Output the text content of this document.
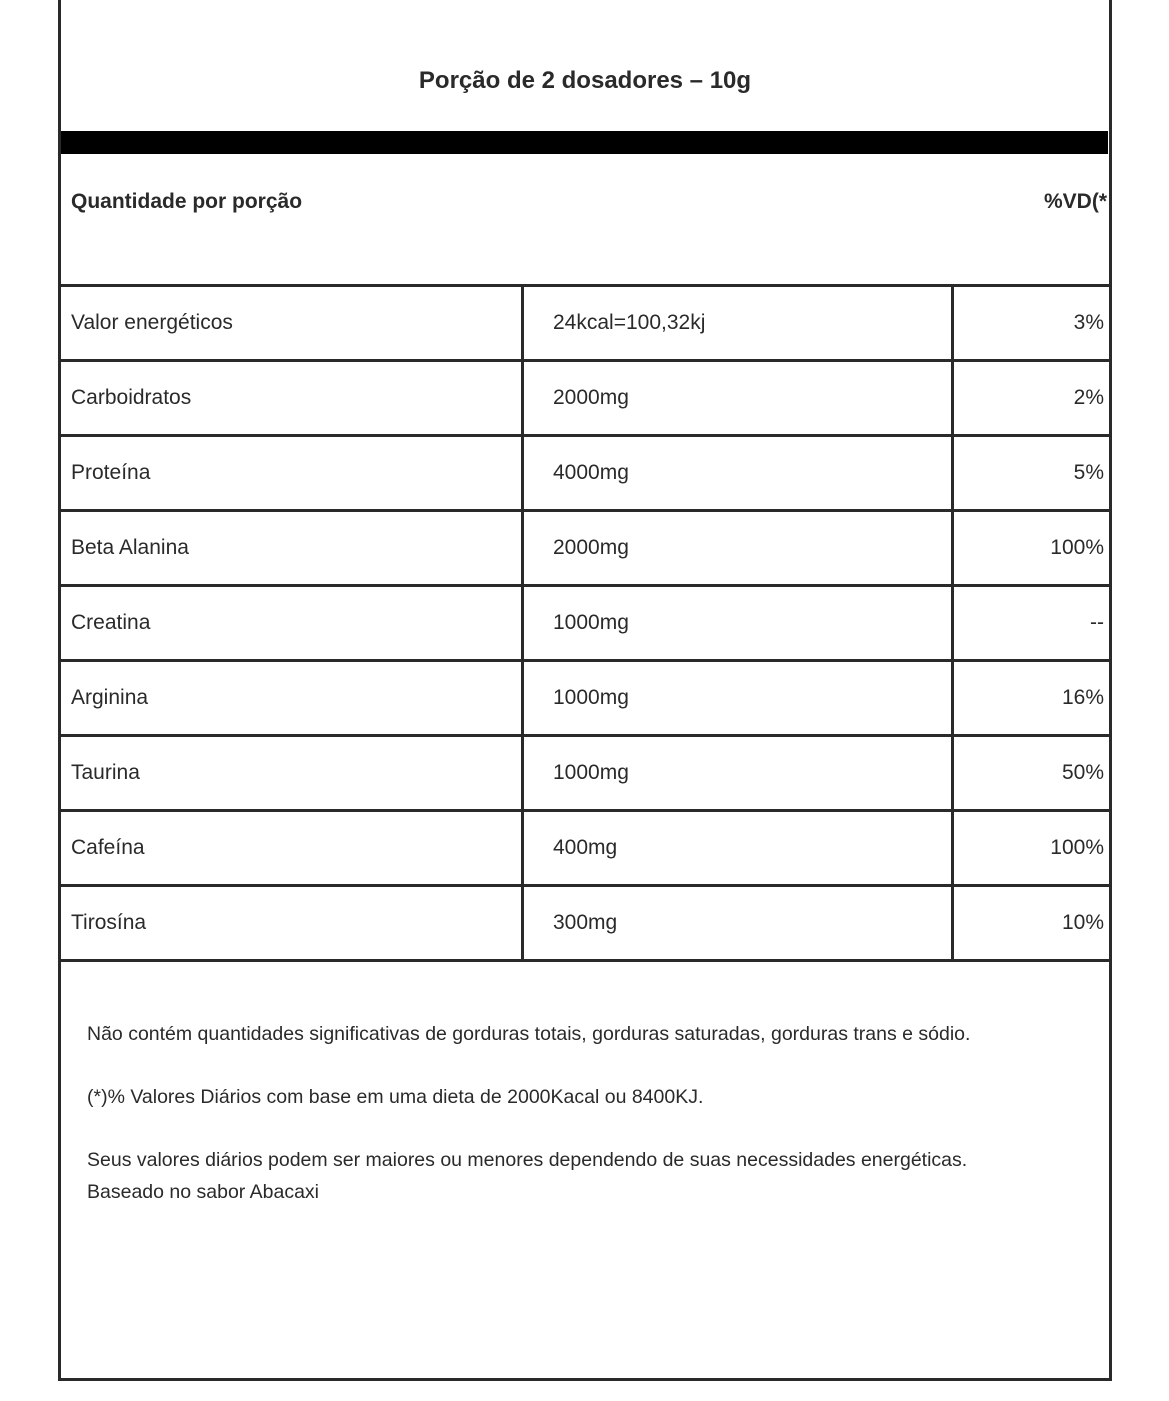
Porção de 2 dosadores – 10g
Quantidade por porção	%VD(*
Valor energéticos	24kcal=100,32kj	3%
Carboidratos	2000mg	2%
Proteína	4000mg	5%
Beta Alanina	2000mg	100%
Creatina	1000mg	--
Arginina	1000mg	16%
Taurina	1000mg	50%
Cafeína	400mg	100%
Tirosína	300mg	10%

Não contém quantidades significativas de gorduras totais, gorduras saturadas, gorduras trans e sódio.

(*)% Valores Diários com base em uma dieta de 2000Kacal ou 8400KJ.

Seus valores diários podem ser maiores ou menores dependendo de suas necessidades energéticas.
Baseado no sabor Abacaxi
